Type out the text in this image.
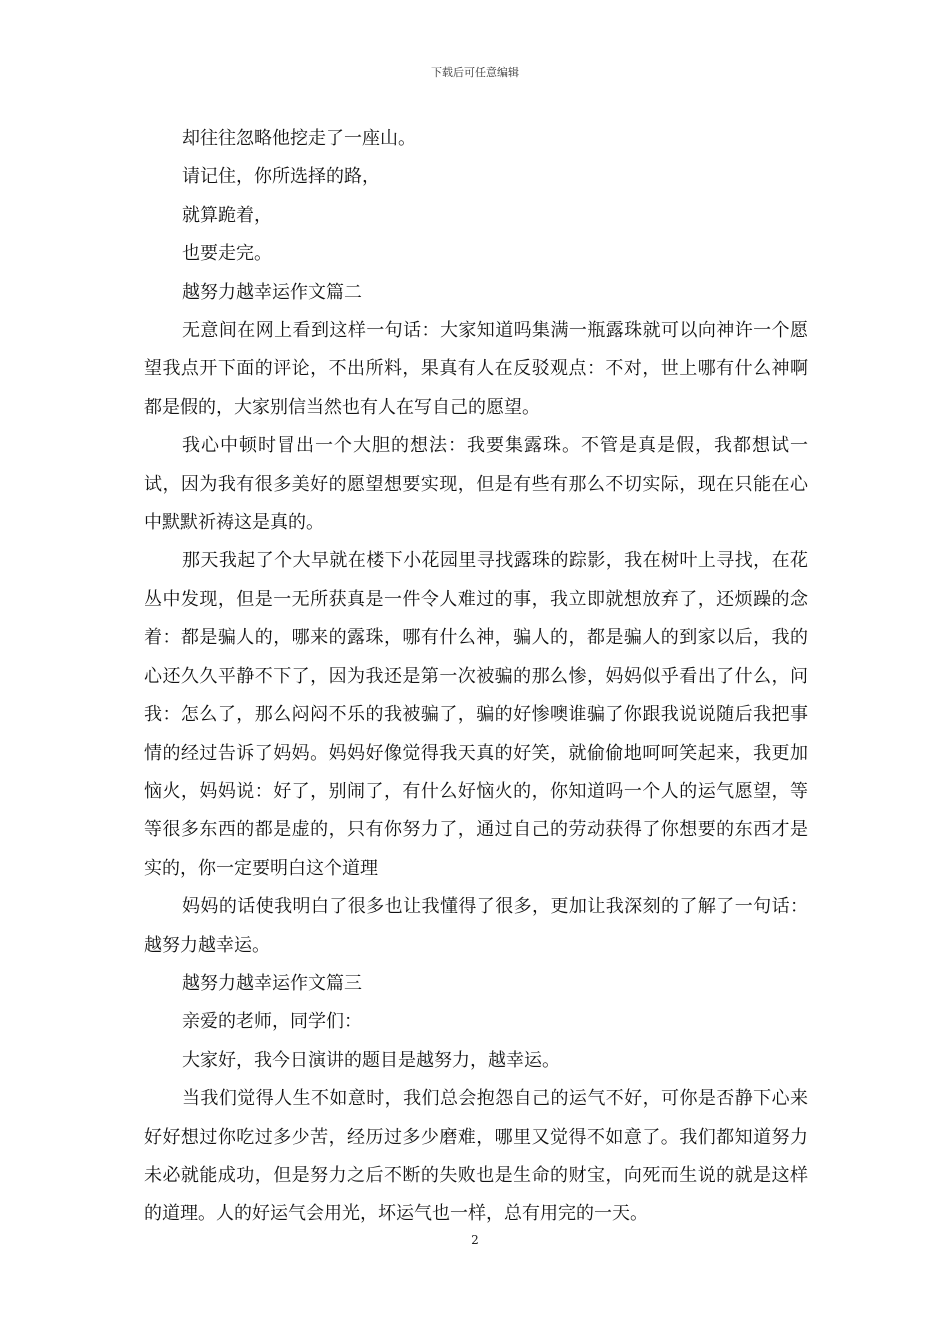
下载后可任意编辑

却往往忽略他挖走了一座山。

请记住，你所选择的路，

就算跪着，

也要走完。

越努力越幸运作文篇二

无意间在网上看到这样一句话：大家知道吗集满一瓶露珠就可以向神许一个愿望我点开下面的评论，不出所料，果真有人在反驳观点：不对，世上哪有什么神啊都是假的，大家别信当然也有人在写自己的愿望。

我心中顿时冒出一个大胆的想法：我要集露珠。不管是真是假，我都想试一试，因为我有很多美好的愿望想要实现，但是有些有那么不切实际，现在只能在心中默默祈祷这是真的。

那天我起了个大早就在楼下小花园里寻找露珠的踪影，我在树叶上寻找，在花丛中发现，但是一无所获真是一件令人难过的事，我立即就想放弃了，还烦躁的念着：都是骗人的，哪来的露珠，哪有什么神，骗人的，都是骗人的到家以后，我的心还久久平静不下了，因为我还是第一次被骗的那么惨，妈妈似乎看出了什么，问我：怎么了，那么闷闷不乐的我被骗了，骗的好惨噢谁骗了你跟我说说随后我把事情的经过告诉了妈妈。妈妈好像觉得我天真的好笑，就偷偷地呵呵笑起来，我更加恼火，妈妈说：好了，别闹了，有什么好恼火的，你知道吗一个人的运气愿望，等等很多东西的都是虚的，只有你努力了，通过自己的劳动获得了你想要的东西才是实的，你一定要明白这个道理

妈妈的话使我明白了很多也让我懂得了很多，更加让我深刻的了解了一句话：越努力越幸运。

越努力越幸运作文篇三

亲爱的老师，同学们：

大家好，我今日演讲的题目是越努力，越幸运。

当我们觉得人生不如意时，我们总会抱怨自己的运气不好，可你是否静下心来好好想过你吃过多少苦，经历过多少磨难，哪里又觉得不如意了。我们都知道努力未必就能成功，但是努力之后不断的失败也是生命的财宝，向死而生说的就是这样的道理。人的好运气会用光，坏运气也一样，总有用完的一天。

2
